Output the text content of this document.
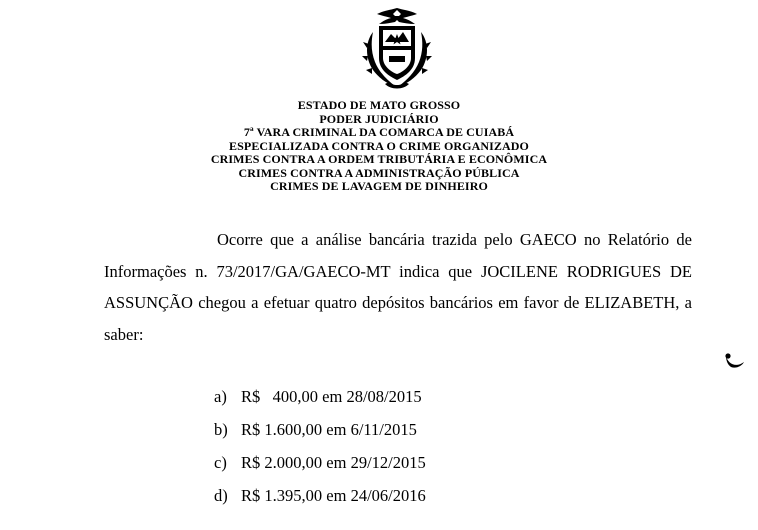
ESTADO DE MATO GROSSO
PODER JUDICIÁRIO
7ª VARA CRIMINAL DA COMARCA DE CUIABÁ
ESPECIALIZADA CONTRA O CRIME ORGANIZADO
CRIMES CONTRA A ORDEM TRIBUTÁRIA E ECONÔMICA
CRIMES CONTRA A ADMINISTRAÇÃO PÚBLICA
CRIMES DE LAVAGEM DE DINHEIRO
Ocorre que a análise bancária trazida pelo GAECO no Relatório de Informações n. 73/2017/GA/GAECO-MT indica que JOCILENE RODRIGUES DE ASSUNÇÃO chegou a efetuar quatro depósitos bancários em favor de ELIZABETH, a saber:
a) R$ 400,00 em 28/08/2015
b) R$ 1.600,00 em 6/11/2015
c) R$ 2.000,00 em 29/12/2015
d) R$ 1.395,00 em 24/06/2016
